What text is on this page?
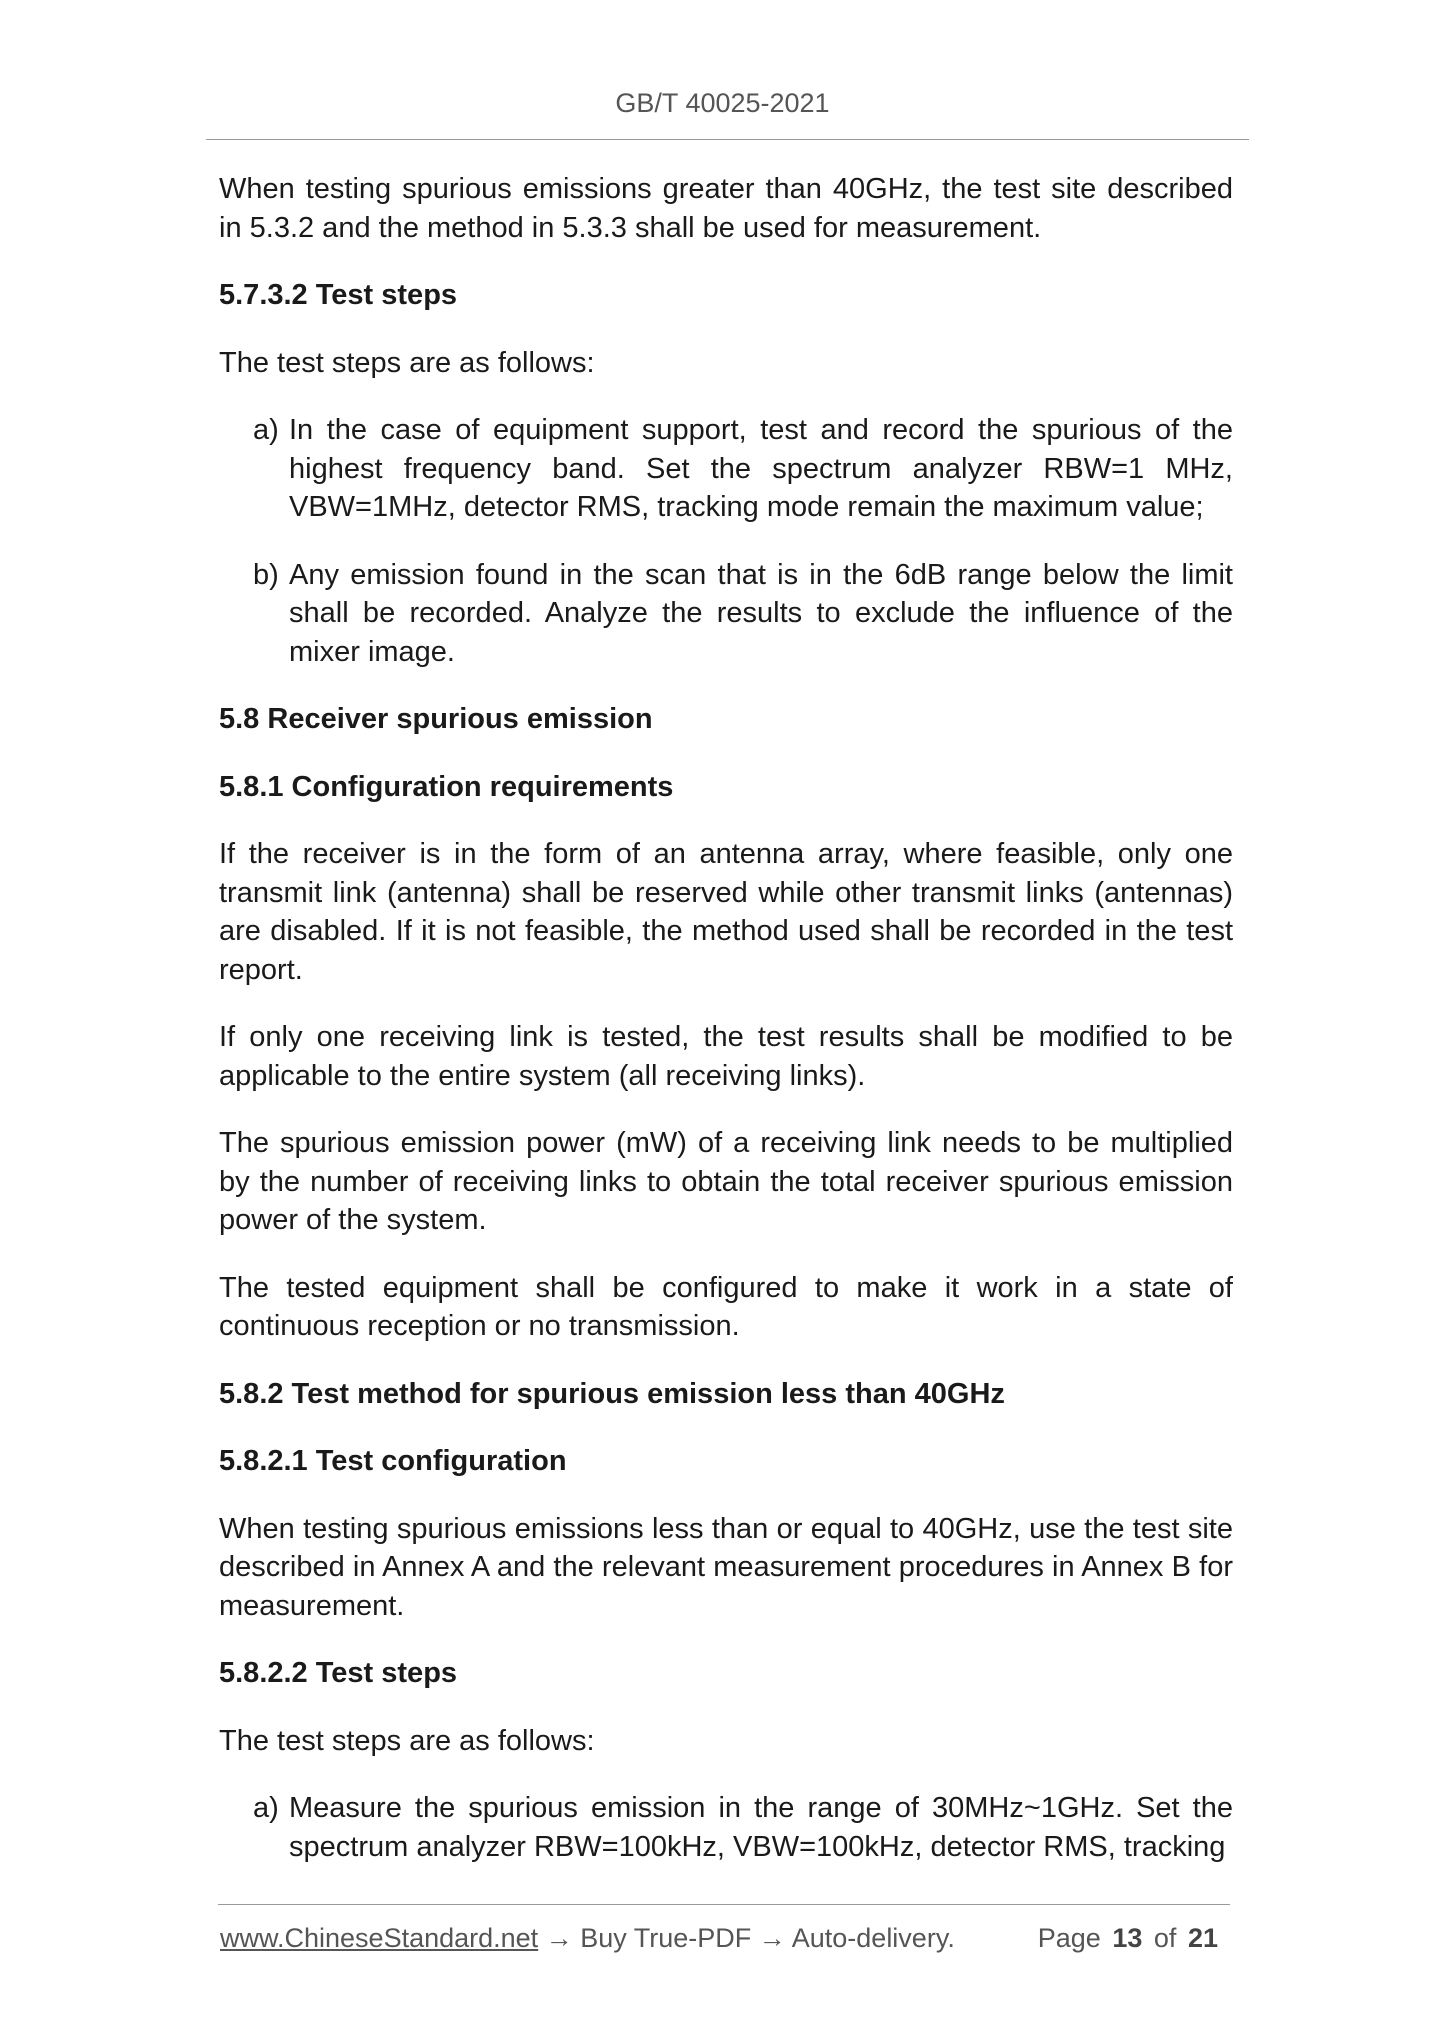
GB/T 40025-2021

When testing spurious emissions greater than 40GHz, the test site described in 5.3.2 and the method in 5.3.3 shall be used for measurement.

5.7.3.2 Test steps

The test steps are as follows:

a) In the case of equipment support, test and record the spurious of the highest frequency band. Set the spectrum analyzer RBW=1 MHz, VBW=1MHz, detector RMS, tracking mode remain the maximum value;
b) Any emission found in the scan that is in the 6dB range below the limit shall be recorded. Analyze the results to exclude the influence of the mixer image.
5.8 Receiver spurious emission
5.8.1 Configuration requirements

If the receiver is in the form of an antenna array, where feasible, only one transmit link (antenna) shall be reserved while other transmit links (antennas) are disabled. If it is not feasible, the method used shall be recorded in the test report.

If only one receiving link is tested, the test results shall be modified to be applicable to the entire system (all receiving links).

The spurious emission power (mW) of a receiving link needs to be multiplied by the number of receiving links to obtain the total receiver spurious emission power of the system.

The tested equipment shall be configured to make it work in a state of continuous reception or no transmission.

5.8.2 Test method for spurious emission less than 40GHz
5.8.2.1 Test configuration

When testing spurious emissions less than or equal to 40GHz, use the test site described in Annex A and the relevant measurement procedures in Annex B for measurement.

5.8.2.2 Test steps

The test steps are as follows:

a) Measure the spurious emission in the range of 30MHz~1GHz. Set the spectrum analyzer RBW=100kHz, VBW=100kHz, detector RMS, tracking
www.ChineseStandard.net → Buy True-PDF → Auto-delivery.	Page 13 of 21
